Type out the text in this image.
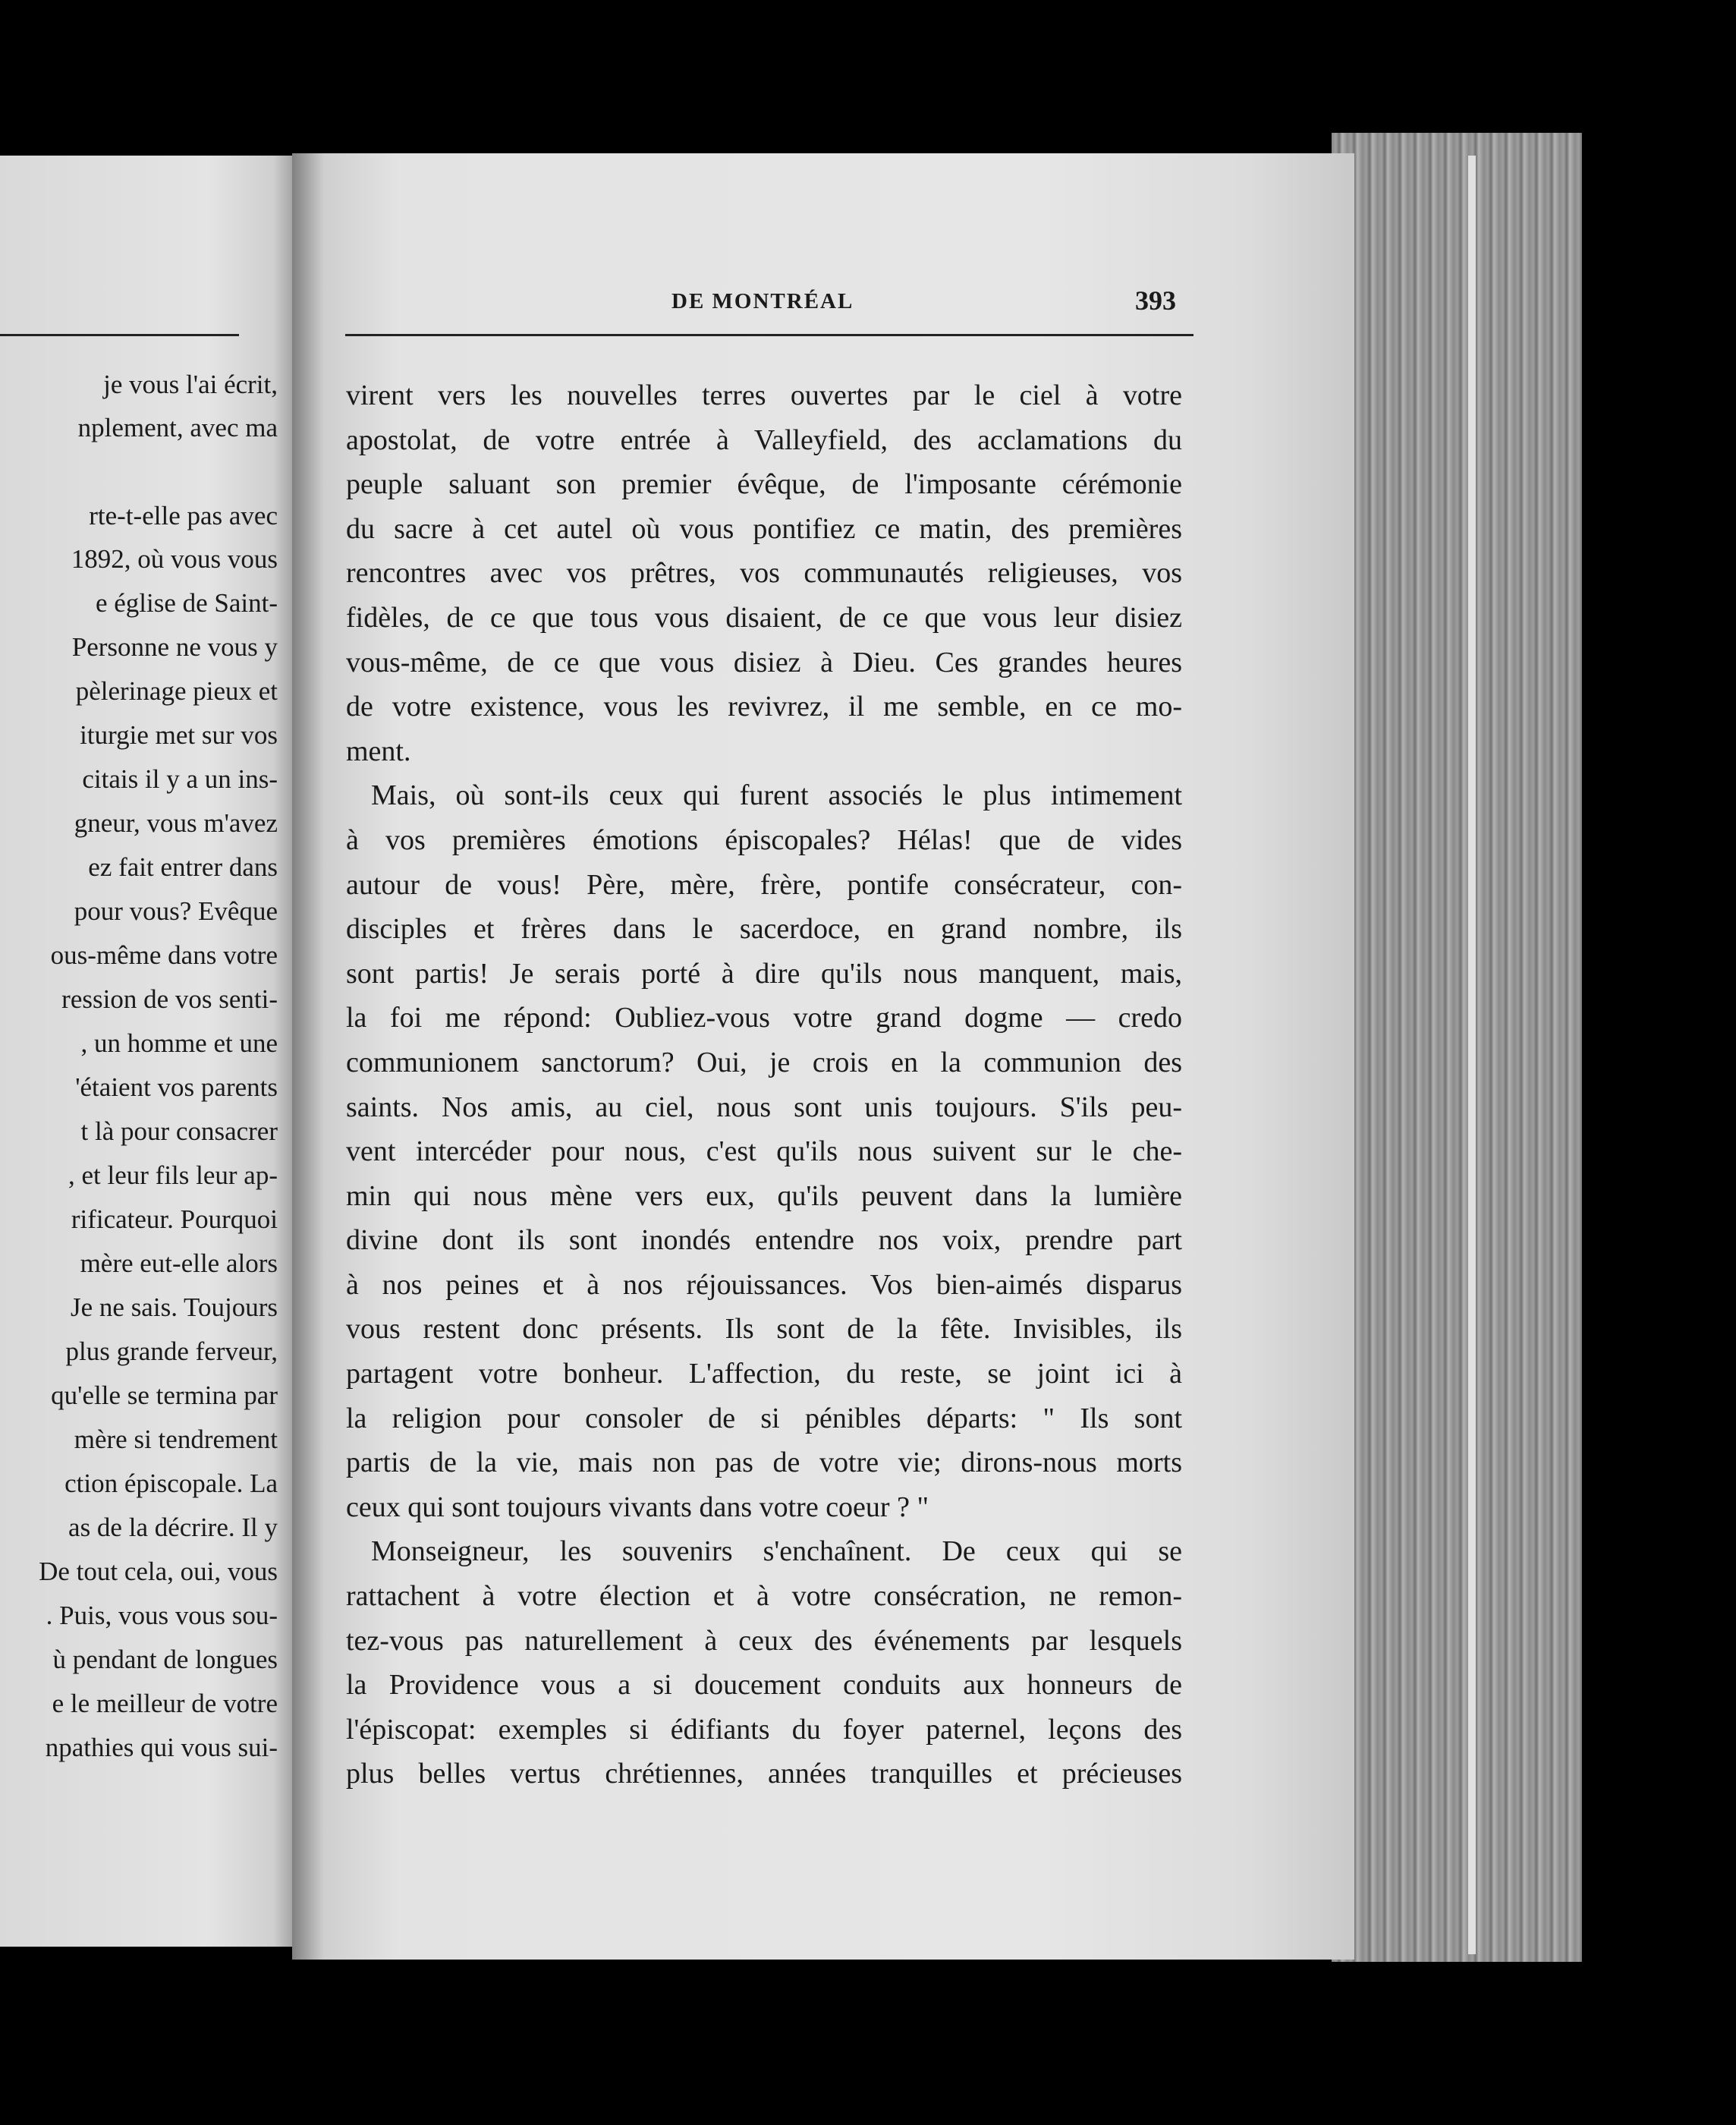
je vous l'ai écrit,
nplement, avec ma
rte-t-elle pas avec
1892, où vous vous
e église de Saint-
Personne ne vous y
pèlerinage pieux et
iturgie met sur vos
citais il y a un ins-
gneur, vous m'avez
ez fait entrer dans
pour vous? Evêque
ous-même dans votre
ression de vos senti-
, un homme et une
'étaient vos parents
t là pour consacrer
, et leur fils leur ap-
rificateur. Pourquoi
mère eut-elle alors
Je ne sais. Toujours
plus grande ferveur,
qu'elle se termina par
mère si tendrement
ction épiscopale. La
as de la décrire. Il y
De tout cela, oui, vous
. Puis, vous vous sou-
ù pendant de longues
e le meilleur de votre
npathies qui vous sui-
DE MONTRÉAL	393
virent vers les nouvelles terres ouvertes par le ciel à votre
apostolat, de votre entrée à Valleyfield, des acclamations du
peuple saluant son premier évêque, de l'imposante cérémonie
du sacre à cet autel où vous pontifiez ce matin, des premières
rencontres avec vos prêtres, vos communautés religieuses, vos
fidèles, de ce que tous vous disaient, de ce que vous leur disiez
vous-même, de ce que vous disiez à Dieu. Ces grandes heures
de votre existence, vous les revivrez, il me semble, en ce mo-
ment.
Mais, où sont-ils ceux qui furent associés le plus intimement
à vos premières émotions épiscopales? Hélas! que de vides
autour de vous! Père, mère, frère, pontife consécrateur, con-
disciples et frères dans le sacerdoce, en grand nombre, ils
sont partis! Je serais porté à dire qu'ils nous manquent, mais,
la foi me répond: Oubliez-vous votre grand dogme — credo
communionem sanctorum? Oui, je crois en la communion des
saints. Nos amis, au ciel, nous sont unis toujours. S'ils peu-
vent intercéder pour nous, c'est qu'ils nous suivent sur le che-
min qui nous mène vers eux, qu'ils peuvent dans la lumière
divine dont ils sont inondés entendre nos voix, prendre part
à nos peines et à nos réjouissances. Vos bien-aimés disparus
vous restent donc présents. Ils sont de la fête. Invisibles, ils
partagent votre bonheur. L'affection, du reste, se joint ici à
la religion pour consoler de si pénibles départs: " Ils sont
partis de la vie, mais non pas de votre vie; dirons-nous morts
ceux qui sont toujours vivants dans votre coeur ? "
Monseigneur, les souvenirs s'enchaînent. De ceux qui se
rattachent à votre élection et à votre consécration, ne remon-
tez-vous pas naturellement à ceux des événements par lesquels
la Providence vous a si doucement conduits aux honneurs de
l'épiscopat: exemples si édifiants du foyer paternel, leçons des
plus belles vertus chrétiennes, années tranquilles et précieuses
